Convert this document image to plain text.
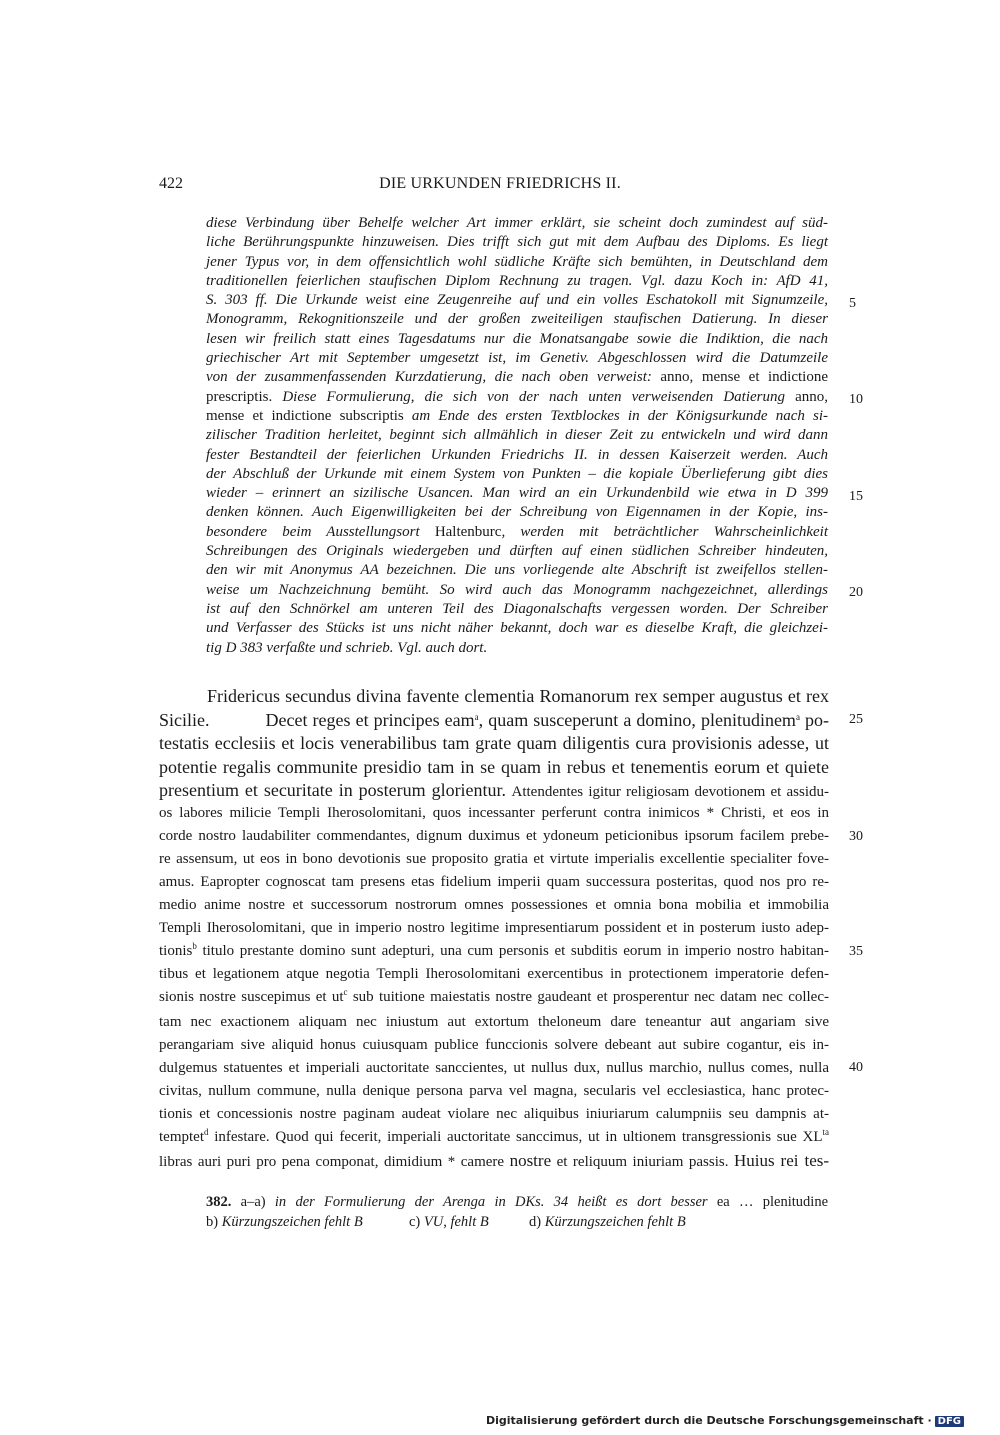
422	DIE URKUNDEN FRIEDRICHS II.
diese Verbindung über Behelfe welcher Art immer erklärt, sie scheint doch zumindest auf süd-
liche Berührungspunkte hinzuweisen. Dies trifft sich gut mit dem Aufbau des Diploms. Es liegt
jener Typus vor, in dem offensichtlich wohl südliche Kräfte sich bemühten, in Deutschland dem
traditionellen feierlichen staufischen Diplom Rechnung zu tragen. Vgl. dazu Koch in: AfD 41,
S. 303 ff. Die Urkunde weist eine Zeugenreihe auf und ein volles Eschatokoll mit Signumzeile,
Monogramm, Rekognitionszeile und der großen zweiteiligen staufischen Datierung. In dieser
lesen wir freilich statt eines Tagesdatums nur die Monatsangabe sowie die Indiktion, die nach
griechischer Art mit September umgesetzt ist, im Genetiv. Abgeschlossen wird die Datumzeile
von der zusammenfassenden Kurzdatierung, die nach oben verweist: anno, mense et indictione
prescriptis. Diese Formulierung, die sich von der nach unten verweisenden Datierung anno,
mense et indictione subscriptis am Ende des ersten Textblockes in der Königsurkunde nach si-
zilischer Tradition herleitet, beginnt sich allmählich in dieser Zeit zu entwickeln und wird dann
fester Bestandteil der feierlichen Urkunden Friedrichs II. in dessen Kaiserzeit werden. Auch
der Abschluß der Urkunde mit einem System von Punkten – die kopiale Überlieferung gibt dies
wieder – erinnert an sizilische Usancen. Man wird an ein Urkundenbild wie etwa in D 399
denken können. Auch Eigenwilligkeiten bei der Schreibung von Eigennamen in der Kopie, ins-
besondere beim Ausstellungsort Haltenburc, werden mit beträchtlicher Wahrscheinlichkeit
Schreibungen des Originals wiedergeben und dürften auf einen südlichen Schreiber hindeuten,
den wir mit Anonymus AA bezeichnen. Die uns vorliegende alte Abschrift ist zweifellos stellen-
weise um Nachzeichnung bemüht. So wird auch das Monogramm nachgezeichnet, allerdings
ist auf den Schnörkel am unteren Teil des Diagonalschafts vergessen worden. Der Schreiber
und Verfasser des Stücks ist uns nicht näher bekannt, doch war es dieselbe Kraft, die gleichzei-
tig D 383 verfaßte und schrieb. Vgl. auch dort.
Fridericus secundus divina favente clementia Romanorum rex semper augustus et rex
Sicilie.	Decet reges et principes eam$^a$, quam susceperunt a domino, plenitudinem$^a$ po-
testatis ecclesiis et locis venerabilibus tam grate quam diligentis cura provisionis adesse, ut
potentie regalis communite presidio tam in se quam in rebus et tenementis eorum et quiete
presentium et securitate in posterum glorientur. Attendentes igitur religiosam devotionem et assidu-
os labores milicie Templi Iherosolomitani, quos incessanter perferunt contra inimicos * Christi, et eos in
corde nostro laudabiliter commendantes, dignum duximus et ydoneum peticionibus ipsorum facilem prebe-
re assensum, ut eos in bono devotionis sue proposito gratia et virtute imperialis excellentie specialiter fove-
amus. Eapropter cognoscat tam presens etas fidelium imperii quam successura posteritas, quod nos pro re-
medio anime nostre et successorum nostrorum omnes possessiones et omnia bona mobilia et immobilia
Templi Iherosolomitani, que in imperio nostro legitime impresentiarum possident et in posterum iusto adep-
tionis$^b$ titulo prestante domino sunt adepturi, una cum personis et subditis eorum in imperio nostro habitan-
tibus et legationem atque negotia Templi Iherosolomitani exercentibus in protectionem imperatorie defen-
sionis nostre suscepimus et $ut^c$ sub tuitione maiestatis nostre gaudeant et prosperentur nec datam nec collec-
tam nec exactionem aliquam nec iniustum aut extortum theloneum dare teneantur aut angariam sive
perangariam sive aliquid honus cuiusquam publice funccionis solvere debeant aut subire cogantur, eis in-
dulgemus statuentes et imperiali auctoritate sanccientes, ut nullus dux, nullus marchio, nullus comes, nulla
civitas, nullum commune, nulla denique persona parva vel magna, secularis vel ecclesiastica, hanc protec-
tionis et concessionis nostre paginam audeat violare nec aliquibus iniuriarum calumpniis seu dampnis at-
temptet$^d$ infestare. Quod qui fecerit, imperiali auctoritate sanccimus, ut in ultionem transgressionis sue $XL^{ta}$
libras auri puri pro pena componat, dimidium * camere nostre et reliquum iniuriam passis. Huius rei tes-
5
10
15
20
25
30
35
40
382. a–a) in der Formulierung der Arenga in DKs. 34 heißt es dort besser ea … plenitudine
b) Kürzungszeichen fehlt B	c) VU, fehlt B	d) Kürzungszeichen fehlt B
Digitalisierung gefördert durch die Deutsche Forschungsgemeinschaft · DFG
